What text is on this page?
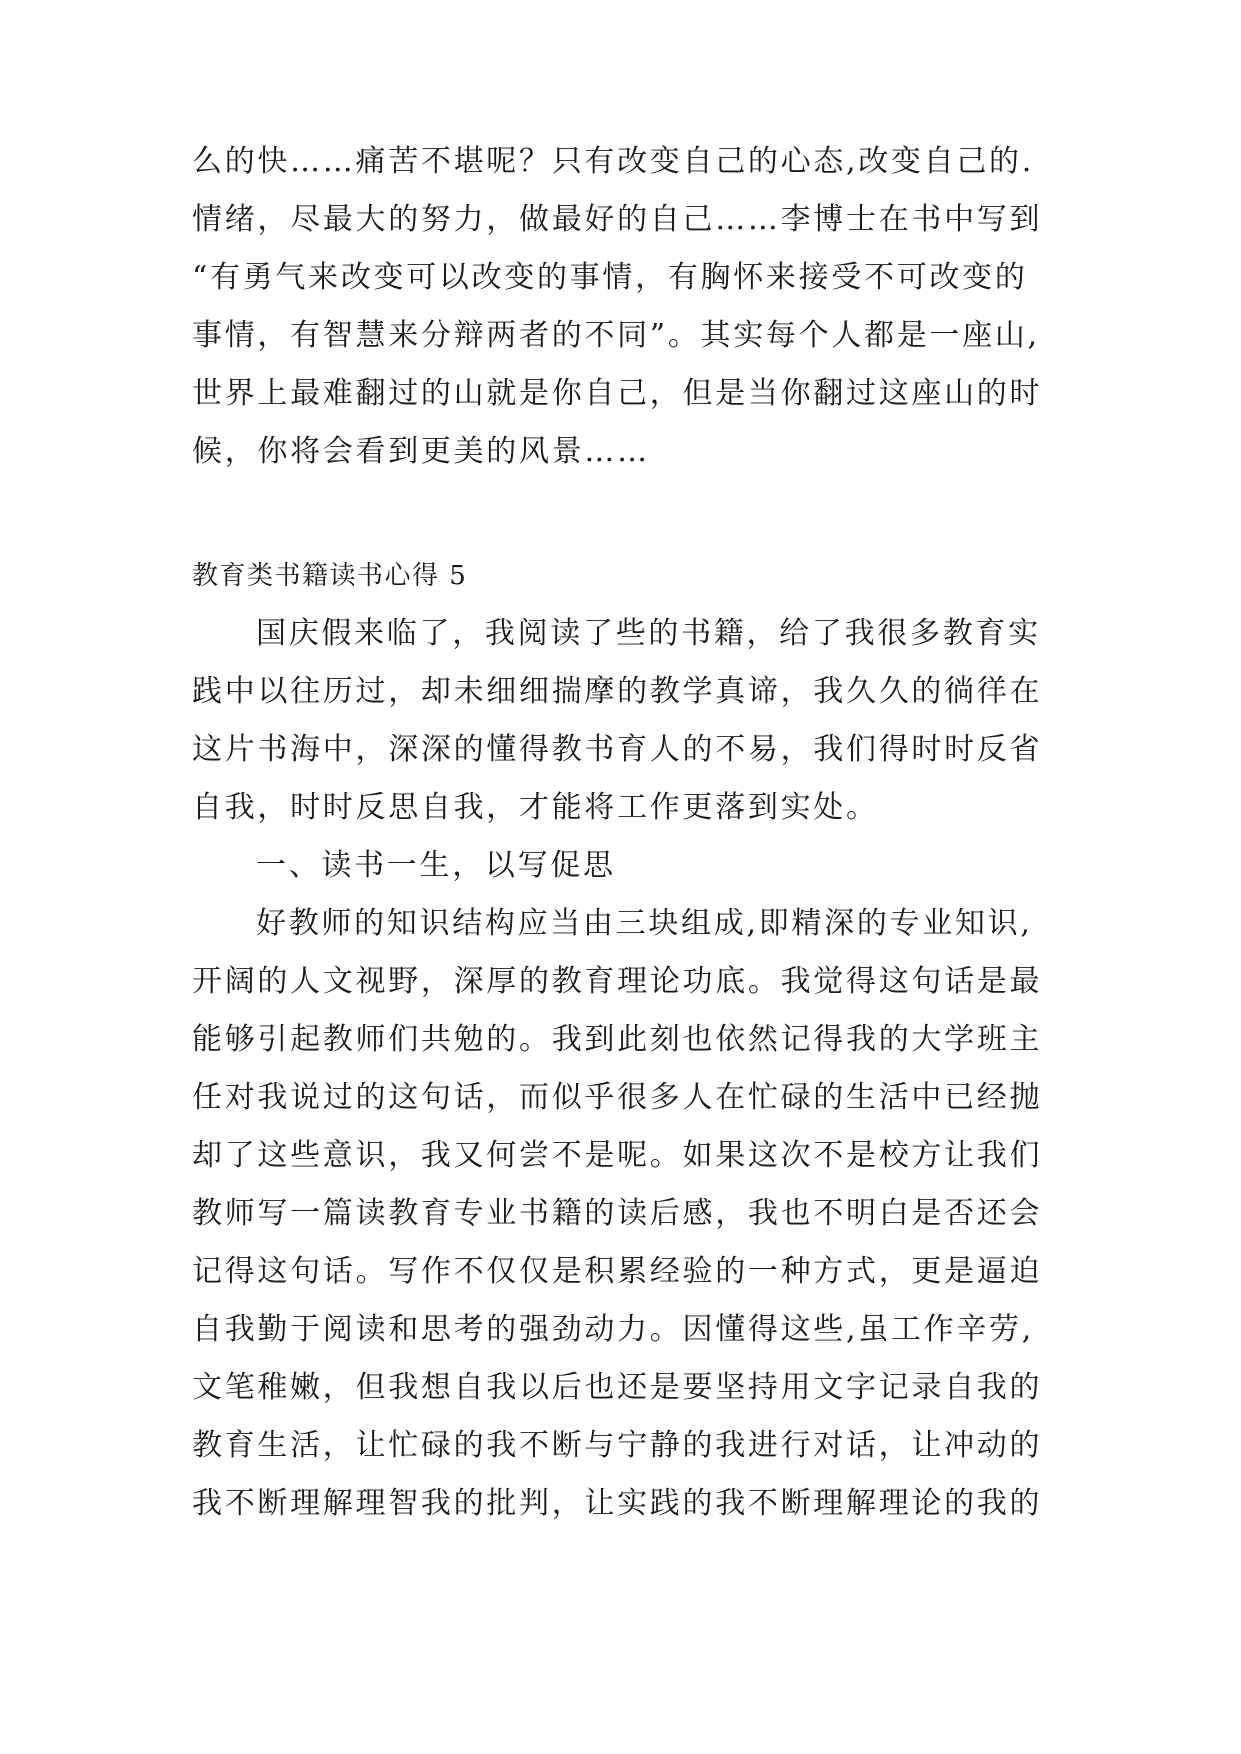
么的快……痛苦不堪呢？只有改变自己的心态,改变自己的.
情绪，尽最大的努力，做最好的自己……李博士在书中写到
“有勇气来改变可以改变的事情，有胸怀来接受不可改变的
事情，有智慧来分辩两者的不同”。其实每个人都是一座山,
世界上最难翻过的山就是你自己，但是当你翻过这座山的时
候，你将会看到更美的风景……
教育类书籍读书心得 5
国庆假来临了，我阅读了些的书籍，给了我很多教育实
践中以往历过，却未细细揣摩的教学真谛，我久久的徜徉在
这片书海中，深深的懂得教书育人的不易，我们得时时反省
自我，时时反思自我，才能将工作更落到实处。
一、读书一生，以写促思
好教师的知识结构应当由三块组成,即精深的专业知识,
开阔的人文视野，深厚的教育理论功底。我觉得这句话是最
能够引起教师们共勉的。我到此刻也依然记得我的大学班主
任对我说过的这句话，而似乎很多人在忙碌的生活中已经抛
却了这些意识，我又何尝不是呢。如果这次不是校方让我们
教师写一篇读教育专业书籍的读后感，我也不明白是否还会
记得这句话。写作不仅仅是积累经验的一种方式，更是逼迫
自我勤于阅读和思考的强劲动力。因懂得这些,虽工作辛劳,
文笔稚嫩，但我想自我以后也还是要坚持用文字记录自我的
教育生活，让忙碌的我不断与宁静的我进行对话，让冲动的
我不断理解理智我的批判，让实践的我不断理解理论的我的
